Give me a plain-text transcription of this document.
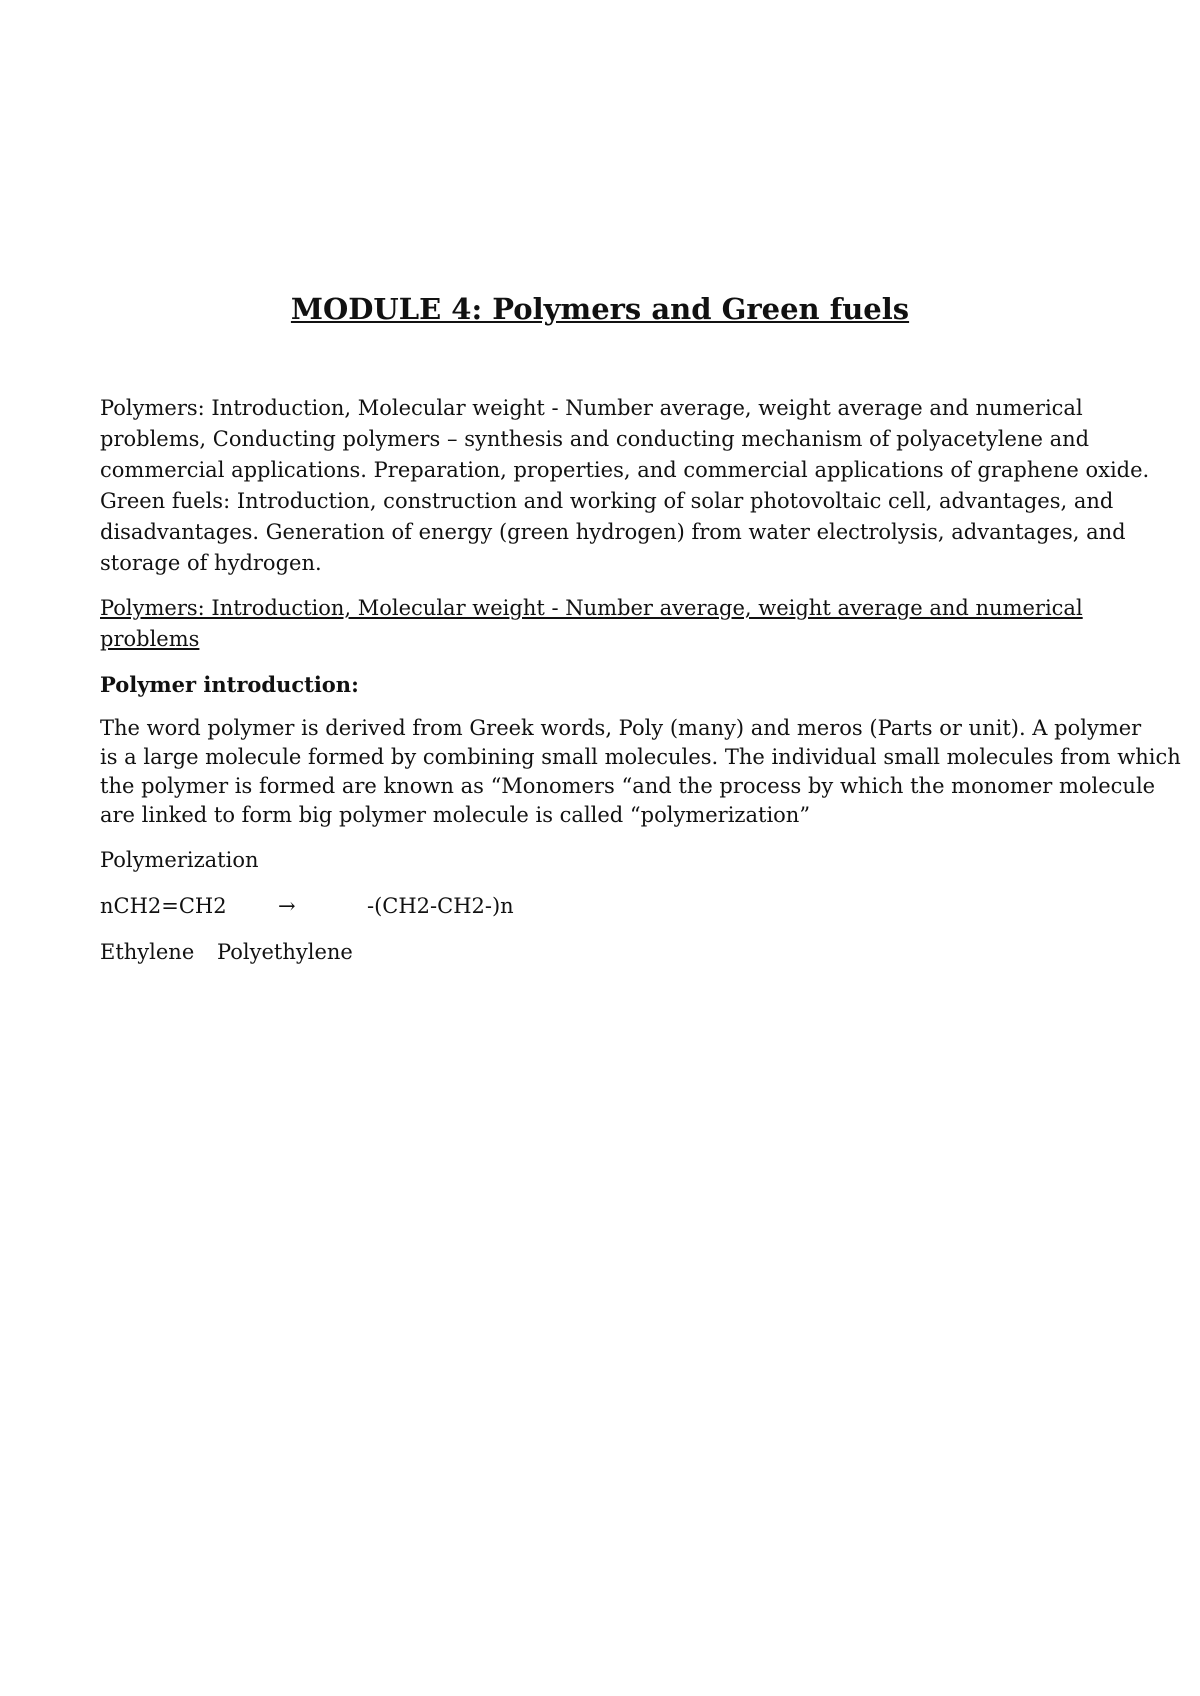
MODULE 4: Polymers and Green fuels

Polymers: Introduction, Molecular weight - Number average, weight average and numerical

problems, Conducting polymers – synthesis and conducting mechanism of polyacetylene and

commercial applications. Preparation, properties, and commercial applications of graphene oxide.

Green fuels: Introduction, construction and working of solar photovoltaic cell, advantages, and

disadvantages. Generation of energy (green hydrogen) from water electrolysis, advantages, and

storage of hydrogen.

Polymers: Introduction, Molecular weight - Number average, weight average and numerical

problems

Polymer introduction:

The word polymer is derived from Greek words, Poly (many) and meros (Parts or unit). A polymer

is a large molecule formed by combining small molecules. The individual small molecules from which

the polymer is formed are known as “Monomers “and the process by which the monomer molecule

are linked to form big polymer molecule is called “polymerization”

Polymerization

nCH2=CH2 →	-(CH2-CH2-)n
Ethylene Polyethylene
